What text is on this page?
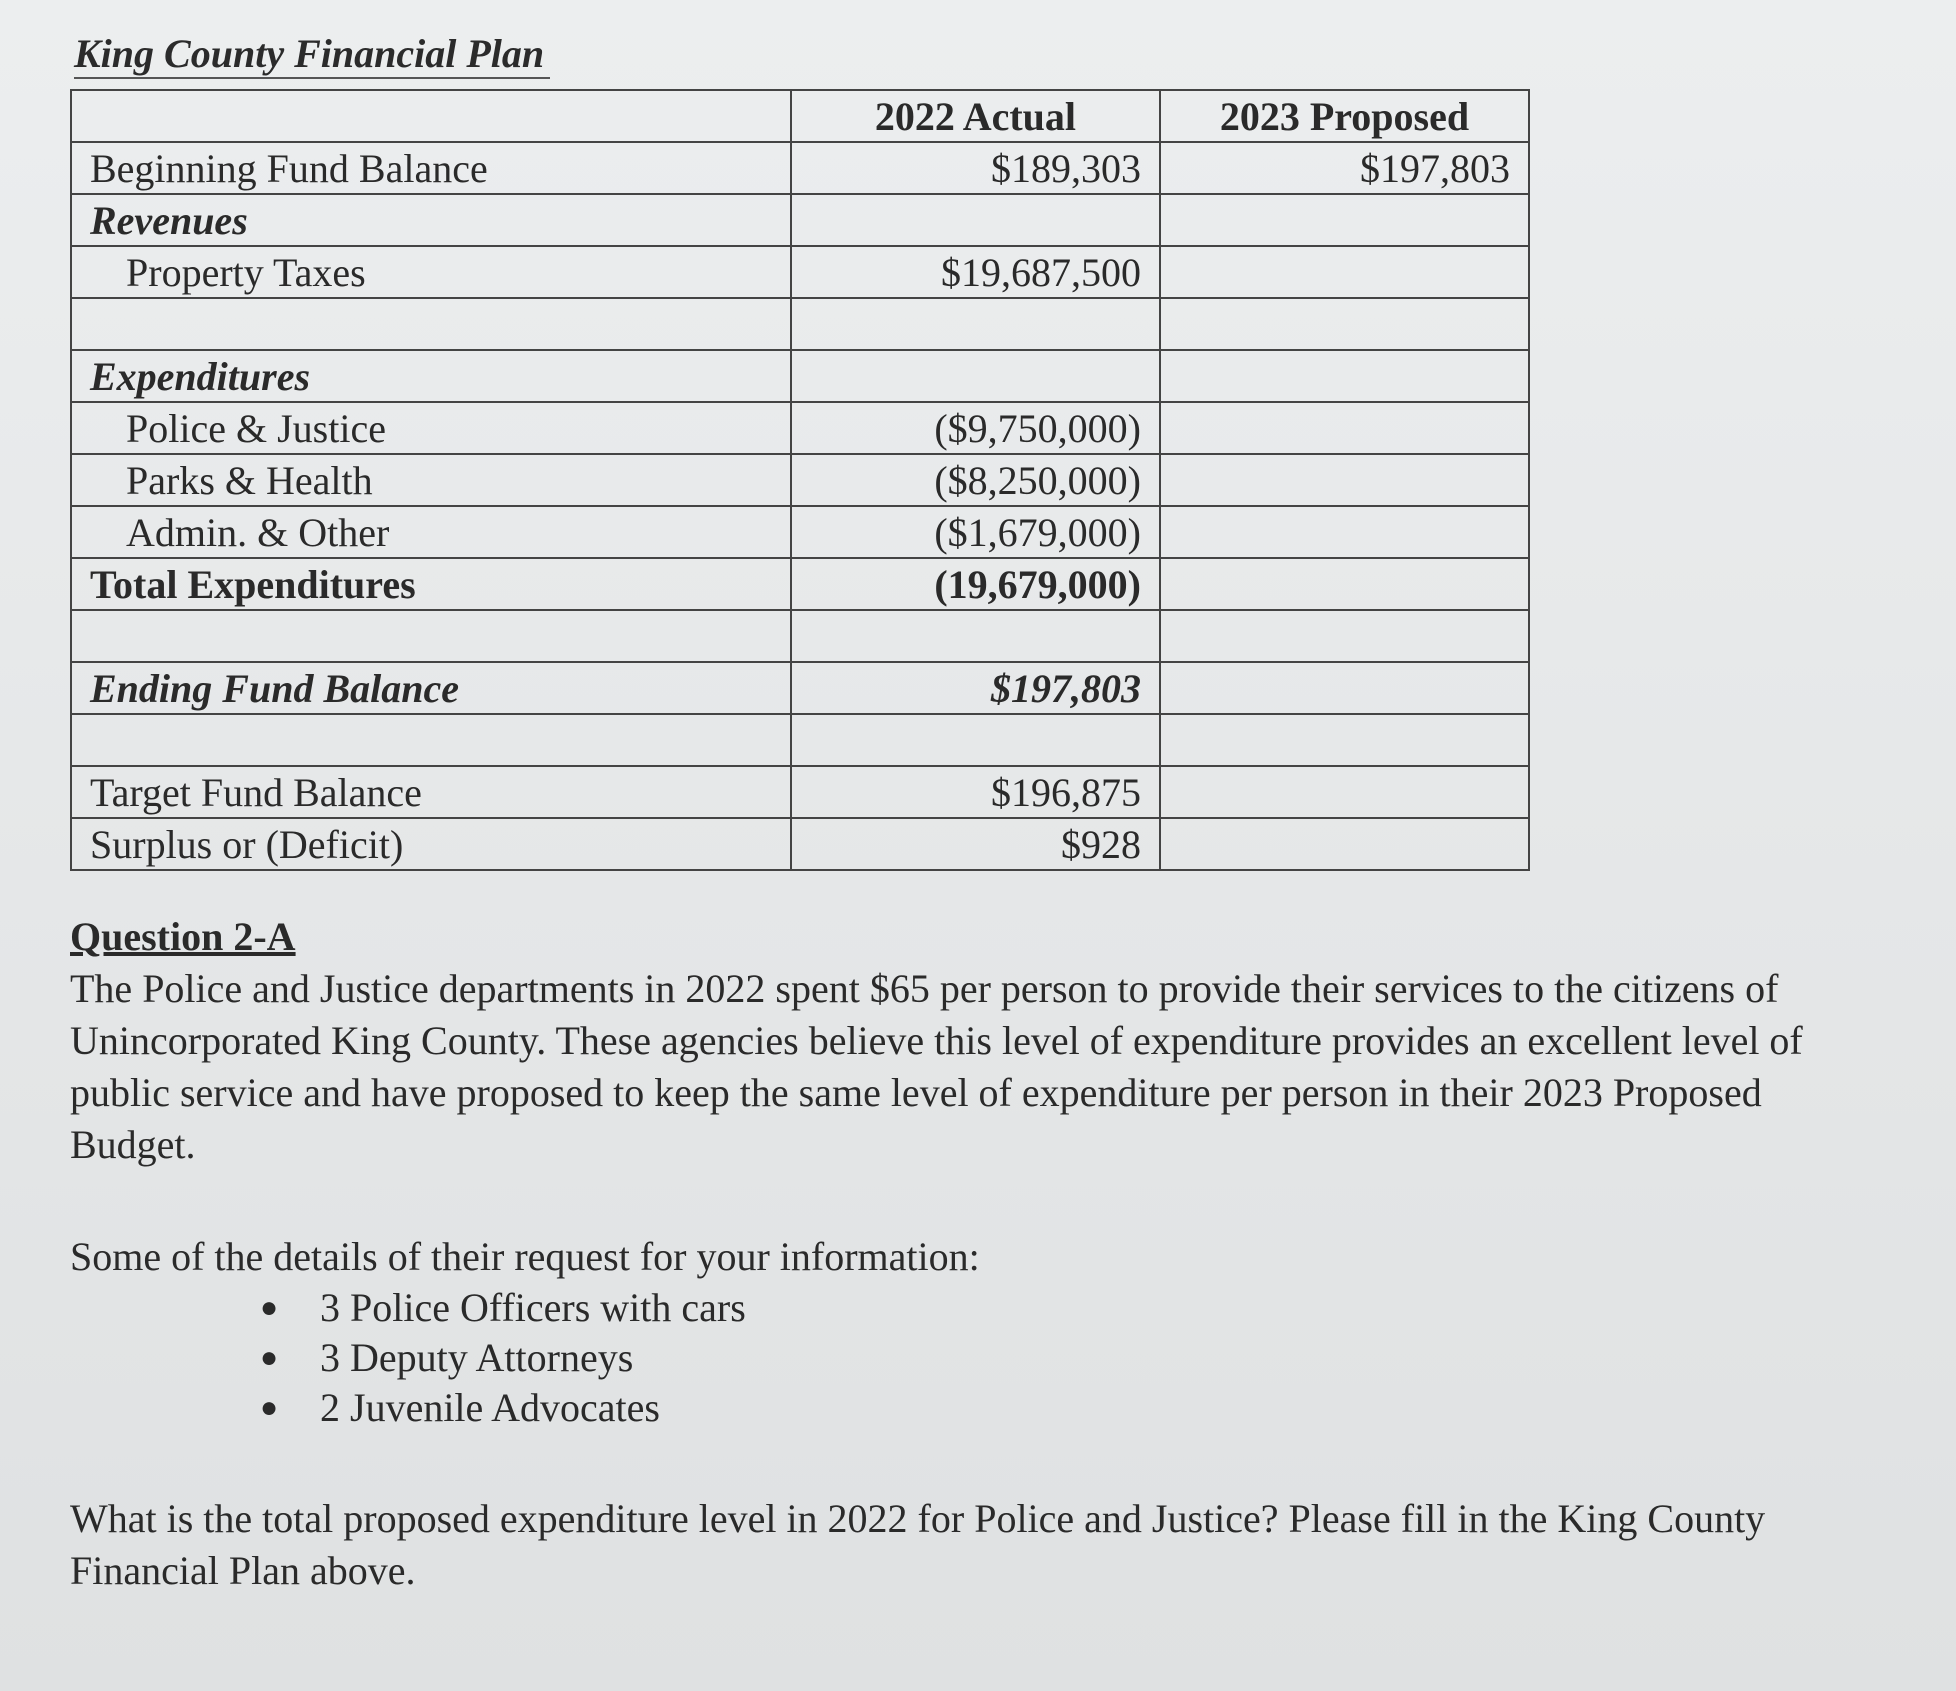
King County Financial Plan
	2022 Actual	2023 Proposed
Beginning Fund Balance	$189,303	$197,803
Revenues		
Property Taxes	$19,687,500	

Expenditures		
Police & Justice	($9,750,000)	
Parks & Health	($8,250,000)	
Admin. & Other	($1,679,000)	
Total Expenditures	(19,679,000)	

Ending Fund Balance	$197,803	

Target Fund Balance	$196,875	
Surplus or (Deficit)	$928	
Question 2-A

The Police and Justice departments in 2022 spent $65 per person to provide their services to the citizens of Unincorporated King County. These agencies believe this level of expenditure provides an excellent level of public service and have proposed to keep the same level of expenditure per person in their 2023 Proposed Budget.

Some of the details of their request for your information:

● 3 Police Officers with cars
● 3 Deputy Attorneys
● 2 Juvenile Advocates

What is the total proposed expenditure level in 2022 for Police and Justice? Please fill in the King County Financial Plan above.
